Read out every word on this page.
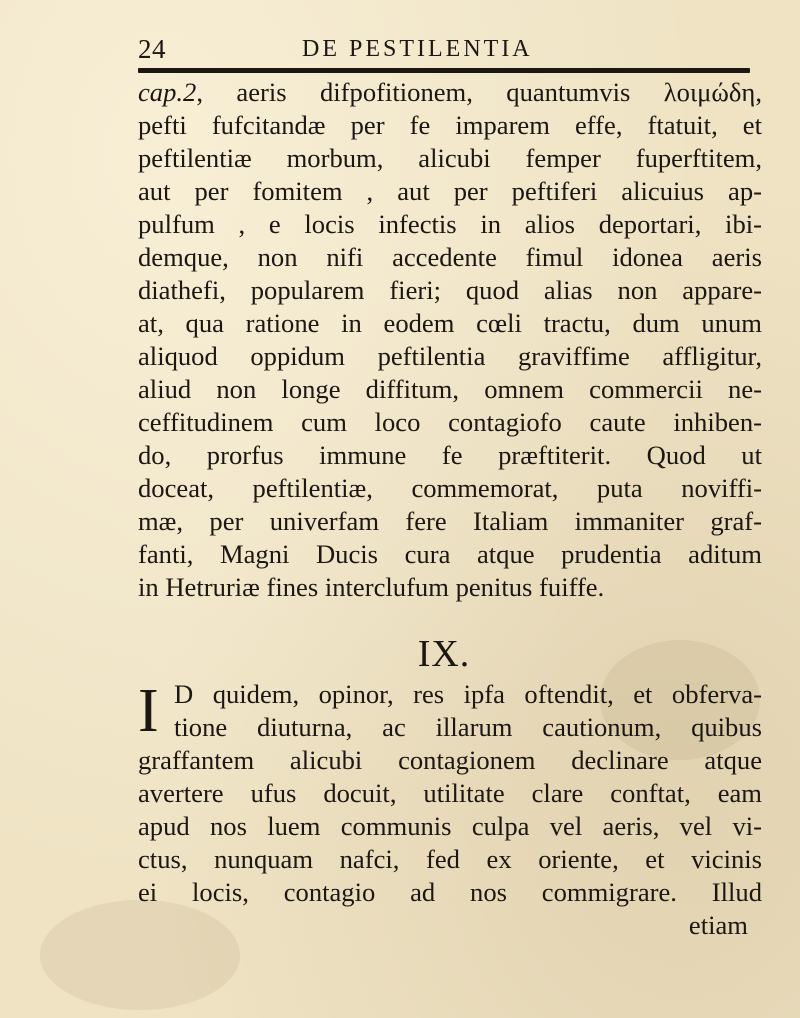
24	DE PESTILENTIA
cap.2, aeris difpofitionem, quantumvis λοιμώδη,
pefti fufcitandæ per fe imparem effe, ftatuit, et
peftilentiæ morbum, alicubi femper fuperftitem,
aut per fomitem , aut per peftiferi alicuius ap-
pulfum , e locis infectis in alios deportari, ibi-
demque, non nifi accedente fimul idonea aeris
diathefi, popularem fieri; quod alias non appare-
at, qua ratione in eodem cœli tractu, dum unum
aliquod oppidum peftilentia graviffime affligitur,
aliud non longe diffitum, omnem commercii ne-
ceffitudinem cum loco contagiofo caute inhiben-
do, prorfus immune fe præftiterit. Quod ut
doceat, peftilentiæ, commemorat, puta noviffi-
mæ, per univerfam fere Italiam immaniter graf-
fanti, Magni Ducis cura atque prudentia aditum
in Hetruriæ fines interclufum penitus fuiffe.
IX.
I D quidem, opinor, res ipfa oftendit, et obferva-
tione diuturna, ac illarum cautionum, quibus
graffantem alicubi contagionem declinare atque
avertere ufus docuit, utilitate clare conftat, eam
apud nos luem communis culpa vel aeris, vel vi-
ctus, nunquam nafci, fed ex oriente, et vicinis
ei locis, contagio ad nos commigrare. Illud
etiam
